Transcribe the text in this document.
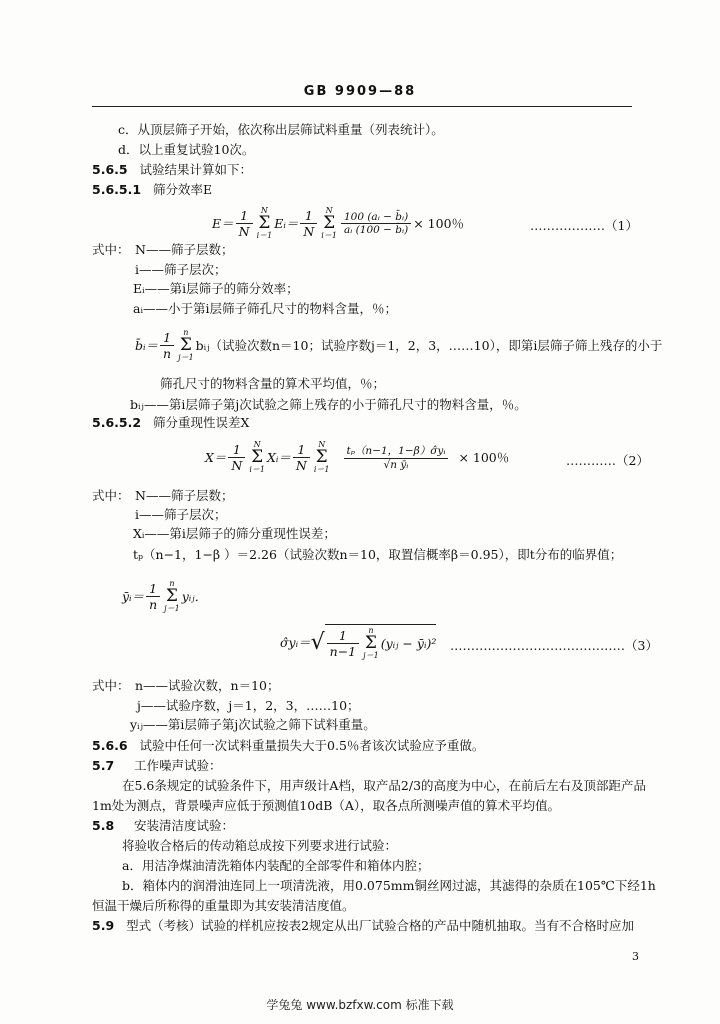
GB 9909—88
c．从顶层筛子开始，依次称出层筛试料重量（列表统计）。
d．以上重复试验10次。
5.6.5 试验结果计算如下：
5.6.5.1 筛分效率E
$E= \frac{1}{N}$	N
Σ
i＝1
Eᵢ＝ $\frac{1}{N}$	N
Σ
$i=1 \frac{\text{100 (aᵢ − b̄ᵢ)}}{\text{aᵢ (100 − b̄ᵢ)}} \times 100$％	………………（1）
式中： N——筛子层数；
i——筛子层次；
Eᵢ——第i层筛子的筛分效率；
aᵢ——小于第i层筛子筛孔尺寸的物料含量，％；
b̄ᵢ＝ $\frac{1}{n}$	n
Σ
j＝1
bᵢⱼ（试验次数n＝10；试验序数j＝1，2，3，……10），即第i层筛子筛上残存的小于
筛孔尺寸的物料含量的算术平均值，％；
bᵢⱼ——第i层筛子第j次试验之筛上残存的小于筛孔尺寸的物料含量，％。
5.6.5.2 筛分重现性误差X
$X= \frac{1}{N}$	N
Σ
i＝1
Xᵢ＝ $\frac{1}{N}$	N
Σ
$i=1 \frac{\text{tₚ（n−1，1−β）σ̂yᵢ}}{\text{√n ȳᵢ}} \times 100$％	…………（2）
式中： N——筛子层数；
i——筛子层次；
Xᵢ——第i层筛子的筛分重现性误差；
tₚ（n−1，1−β ）＝2.26（试验次数n＝10，取置信概率β＝0.95），即t分布的临界值；
ȳᵢ＝ $\frac{1}{n}$	n
Σ
j＝1
yᵢⱼ．
σ̂yᵢ＝ √ $\frac{1}{n-1}$	n
Σ
j＝1
(yᵢⱼ − ȳᵢ)² ……………………………………（3）
式中： n——试验次数，n＝10；
j——试验序数，j＝1，2，3，……10；
yᵢⱼ——第i层筛子第j次试验之筛下试料重量。
5.6.6 试验中任何一次试料重量损失大于0.5％者该次试验应予重做。
5.7 工作噪声试验：
在5.6条规定的试验条件下，用声级计A档，取产品2/3的高度为中心，在前后左右及顶部距产品
1m处为测点，背景噪声应低于预测值10dB（A），取各点所测噪声值的算术平均值。
5.8 安装清洁度试验：
将验收合格后的传动箱总成按下列要求进行试验：
a．用洁净煤油清洗箱体内装配的全部零件和箱体内腔；
b．箱体内的润滑油连同上一项清洗液，用0.075mm铜丝网过滤，其滤得的杂质在105℃下经1h
恒温干燥后所称得的重量即为其安装清洁度值。
5.9 型式（考核）试验的样机应按表2规定从出厂试验合格的产品中随机抽取。当有不合格时应加
3
学兔兔 www.bzfxw.com 标准下载
